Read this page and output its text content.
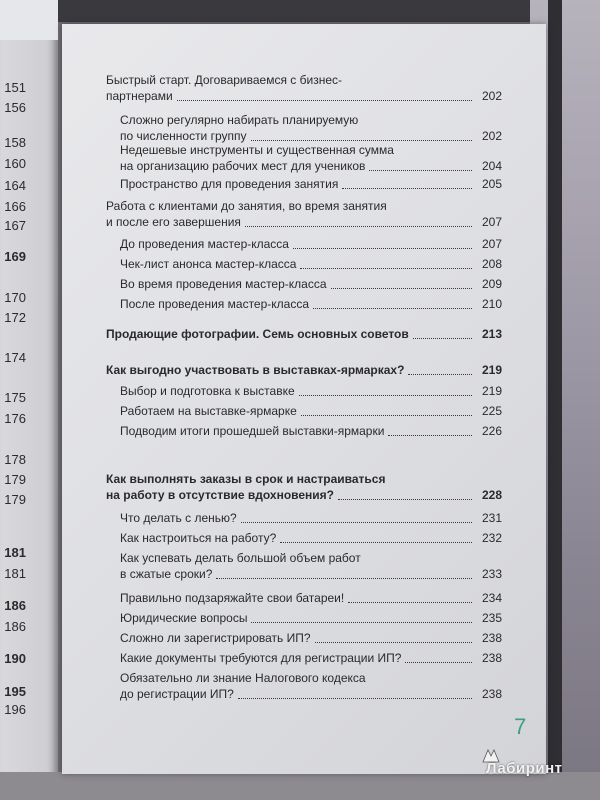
151
156
158
160
164
166
167
169
170
172
174
175
176
178
179
179
181
181
186
186
190
195
196
Быстрый старт. Договариваемся с бизнес-
партнерами	202
Сложно регулярно набирать планируемую
по численности группу	202
Недешевые инструменты и существенная сумма
на организацию рабочих мест для учеников	204
Пространство для проведения занятия	205
Работа с клиентами до занятия, во время занятия
и после его завершения	207
До проведения мастер-класса	207
Чек-лист анонса мастер-класса	208
Во время проведения мастер-класса	209
После проведения мастер-класса	210
Продающие фотографии. Семь основных советов	213
Как выгодно участвовать в выставках-ярмарках?	219
Выбор и подготовка к выставке	219
Работаем на выставке-ярмарке	225
Подводим итоги прошедшей выставки-ярмарки	226
Как выполнять заказы в срок и настраиваться
на работу в отсутствие вдохновения?	228
Что делать с ленью?	231
Как настроиться на работу?	232
Как успевать делать большой объем работ
в сжатые сроки?	233
Правильно подзаряжайте свои батареи!	234
Юридические вопросы	235
Сложно ли зарегистрировать ИП?	238
Какие документы требуются для регистрации ИП?	238
Обязательно ли знание Налогового кодекса
до регистрации ИП?	238
7
Лабиринт
